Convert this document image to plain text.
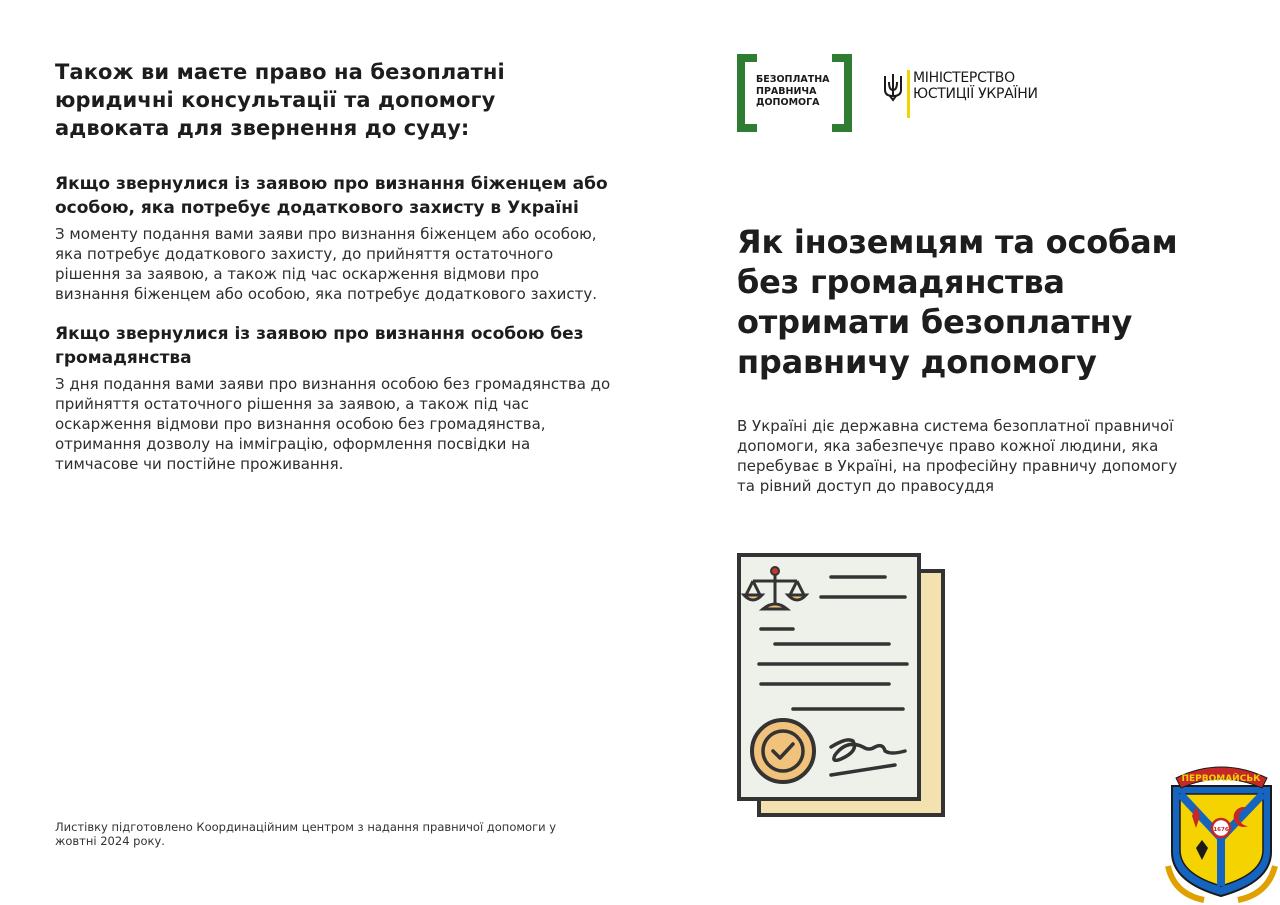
Також ви маєте право на безоплатні юридичні консультації та допомогу адвоката для звернення до суду:
Якщо звернулися із заявою про визнання біженцем або особою, яка потребує додаткового захисту в Україні

З моменту подання вами заяви про визнання біженцем або особою, яка потребує додаткового захисту, до прийняття остаточного рішення за заявою, а також під час оскарження відмови про визнання біженцем або особою, яка потребує додаткового захисту.

Якщо звернулися із заявою про визнання особою без громадянства

З дня подання вами заяви про визнання особою без громадянства до прийняття остаточного рішення за заявою, а також під час оскарження відмови про визнання особою без громадянства, отримання дозволу на імміграцію, оформлення посвідки на тимчасове чи постійне проживання.

Листівку підготовлено Координаційним центром з надання правничої допомоги у жовтні 2024 року.
БЕЗОПЛАТНА
ПРАВНИЧА
ДОПОМОГА
МІНІСТЕРСТВО
ЮСТИЦІЇ УКРАЇНИ
Як іноземцям та особам без громадянства отримати безоплатну правничу допомогу
В Україні діє державна система безоплатної правничої допомоги, яка забезпечує право кожної людини, яка перебуває в Україні, на професійну правничу допомогу та рівний доступ до правосуддя
ПЕРВОМАЙСЬК
1676
